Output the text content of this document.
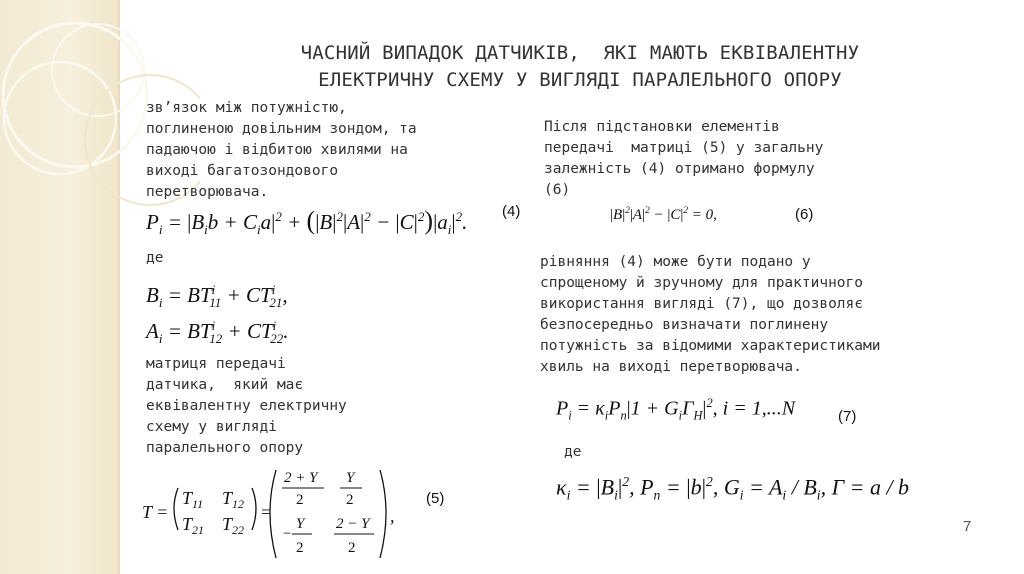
ЧАСНИЙ ВИПАДОК ДАТЧИКІВ,  ЯКІ МАЮТЬ ЕКВІВАЛЕНТНУ
ЕЛЕКТРИЧНУ СХЕМУ У ВИГЛЯДІ ПАРАЛЕЛЬНОГО ОПОРУ
зв’язок між потужністю,
поглиненою довільним зондом, та
падаючою і відбитою хвилями на
виході багатозондового
перетворювача.
$P_i = |B_ib + C_ia|^2 + (|B|^2|A|^2 - |C|^2)|a_i|^2$. (4)
де
$B_i = BT^i_{11} + CT^i_{21}$,
$A_i = BT^i_{12} + CT^i_{22}$.
матриця передачі
датчика,  який має
еквівалентну електричну
схему у вигляді
паралельного опору
T =
$T_{11}$ $T_{12}$
$T_{21}$ $T_{22}$
=
2 + Y
2
Y
2
−
Y
2
2 − Y
2
,
(5)
Після підстановки елементів
передачі  матриці (5) у загальну
залежність (4) отримано формулу
(6)
$|B|^2|A|^2 - |C|^2 = 0$,	(6)
рівняння (4) може бути подано у
спрощеному й зручному для практичного
використання вигляді (7), що дозволяє
безпосередньо визначати поглинену
потужність за відомими характеристиками
хвиль на виході перетворювача.
$P_i = \kappa_iP_n|1 + G_i\Gamma_Н|^2$, i = 1,...N	(7)
де
$\kappa_i = |B_i|^2$, $P_n = |b|^2$, $G_i = A_i / B_i$, Γ = a / b
7
